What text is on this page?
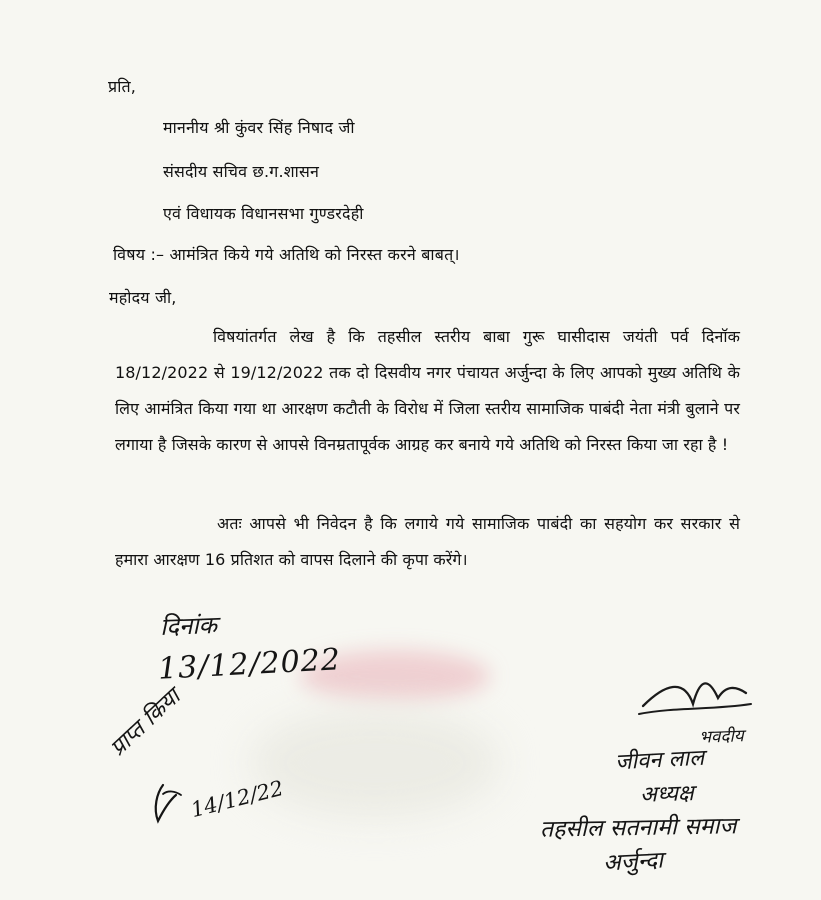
प्रति,
माननीय श्री कुंवर सिंह निषाद जी
संसदीय सचिव छ.ग.शासन
एवं विधायक विधानसभा गुण्डरदेही
विषय :– आमंत्रित किये गये अतिथि को निरस्त करने बाबत्।
महोदय जी,
विषयांतर्गत लेख है कि तहसील स्तरीय बाबा गुरू घासीदास जयंती पर्व दिनॉक 18/12/2022 से 19/12/2022 तक दो दिसवीय नगर पंचायत अर्जुन्दा के लिए आपको मुख्य अतिथि के लिए आमंत्रित किया गया था आरक्षण कटौती के विरोध में जिला स्तरीय सामाजिक पाबंदी नेता मंत्री बुलाने पर लगाया है जिसके कारण से आपसे विनम्रतापूर्वक आग्रह कर बनाये गये अतिथि को निरस्त किया जा रहा है !
अतः आपसे भी निवेदन है कि लगाये गये सामाजिक पाबंदी का सहयोग कर सरकार से हमारा आरक्षण 16 प्रतिशत को वापस दिलाने की कृपा करेंगे।
दिनांक
13/12/2022
भवदीय
जीवन लाल
अध्यक्ष
तहसील सतनामी समाज
अर्जुन्दा
प्राप्त किया
14/12/22
